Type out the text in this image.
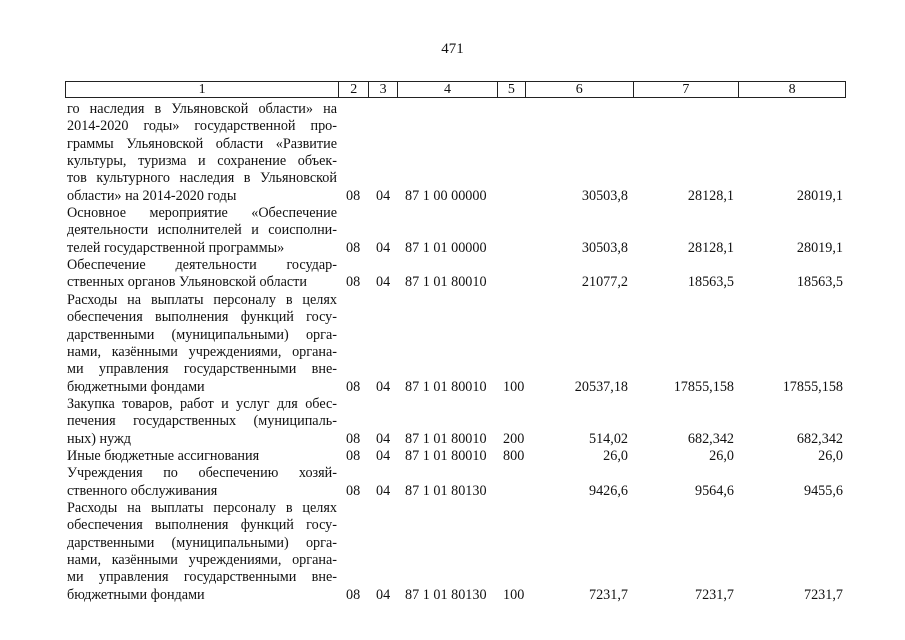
471
1	2	3	4	5	6	7	8
го наследия в Ульяновской области» на
2014-2020 годы» государственной про-
граммы Ульяновской области «Развитие
культуры, туризма и сохранение объек-
тов культурного наследия в Ульяновской
области» на 2014-2020 годы	08 04 87 1 00 00000	30503,8	28128,1	28019,1
Основное мероприятие «Обеспечение
деятельности исполнителей и соисполни-
телей государственной программы»	08 04 87 1 01 00000	30503,8	28128,1	28019,1
Обеспечение деятельности государ-
ственных органов Ульяновской области	08 04 87 1 01 80010	21077,2	18563,5	18563,5
Расходы на выплаты персоналу в целях
обеспечения выполнения функций госу-
дарственными (муниципальными) орга-
нами, казёнными учреждениями, органа-
ми управления государственными вне-
бюджетными фондами	08 04 87 1 01 80010 100	20537,18	17855,158	17855,158
Закупка товаров, работ и услуг для обес-
печения государственных (муниципаль-
ных) нужд	08 04 87 1 01 80010 200	514,02	682,342	682,342
Иные бюджетные ассигнования	08 04 87 1 01 80010 800	26,0	26,0	26,0
Учреждения по обеспечению хозяй-
ственного обслуживания	08 04 87 1 01 80130	9426,6	9564,6	9455,6
Расходы на выплаты персоналу в целях
обеспечения выполнения функций госу-
дарственными (муниципальными) орга-
нами, казёнными учреждениями, органа-
ми управления государственными вне-
бюджетными фондами	08 04 87 1 01 80130 100	7231,7	7231,7	7231,7
